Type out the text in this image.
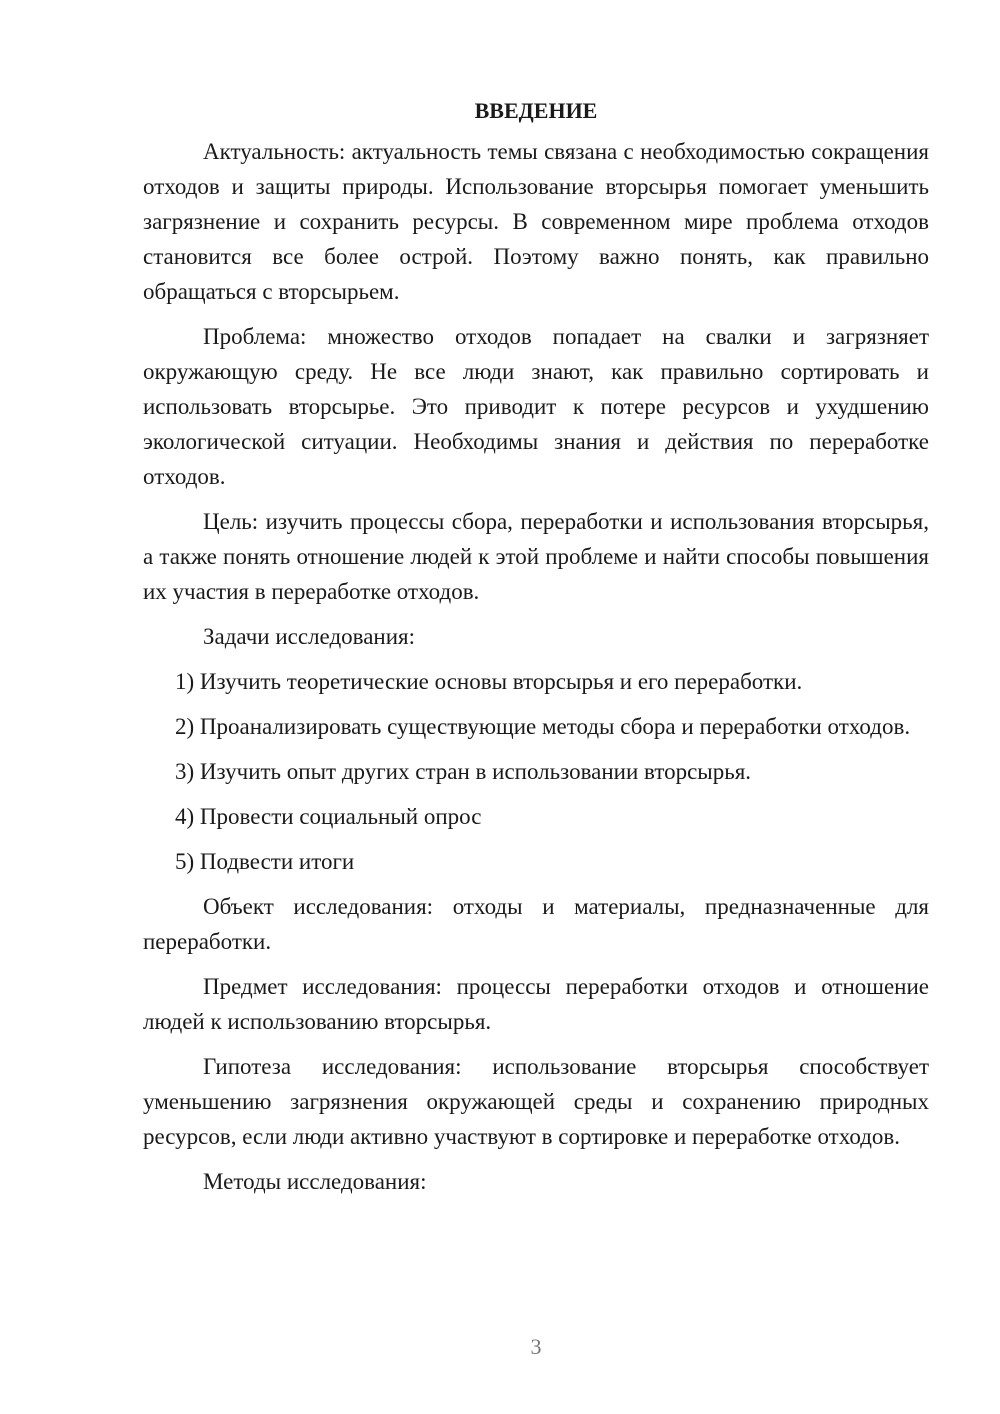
ВВЕДЕНИЕ

Актуальность: актуальность темы связана с необходимостью сокращения отходов и защиты природы. Использование вторсырья помогает уменьшить загрязнение и сохранить ресурсы. В современном мире проблема отходов становится все более острой. Поэтому важно понять, как правильно обращаться с вторсырьем.

Проблема: множество отходов попадает на свалки и загрязняет окружающую среду. Не все люди знают, как правильно сортировать и использовать вторсырье. Это приводит к потере ресурсов и ухудшению экологической ситуации. Необходимы знания и действия по переработке отходов.

Цель: изучить процессы сбора, переработки и использования вторсырья, а также понять отношение людей к этой проблеме и найти способы повышения их участия в переработке отходов.

Задачи исследования:

1) Изучить теоретические основы вторсырья и его переработки.

2) Проанализировать существующие методы сбора и переработки отходов.

3) Изучить опыт других стран в использовании вторсырья.

4) Провести социальный опрос

5) Подвести итоги

Объект исследования: отходы и материалы, предназначенные для переработки.

Предмет исследования: процессы переработки отходов и отношение людей к использованию вторсырья.

Гипотеза исследования: использование вторсырья способствует уменьшению загрязнения окружающей среды и сохранению природных ресурсов, если люди активно участвуют в сортировке и переработке отходов.

Методы исследования:

3
